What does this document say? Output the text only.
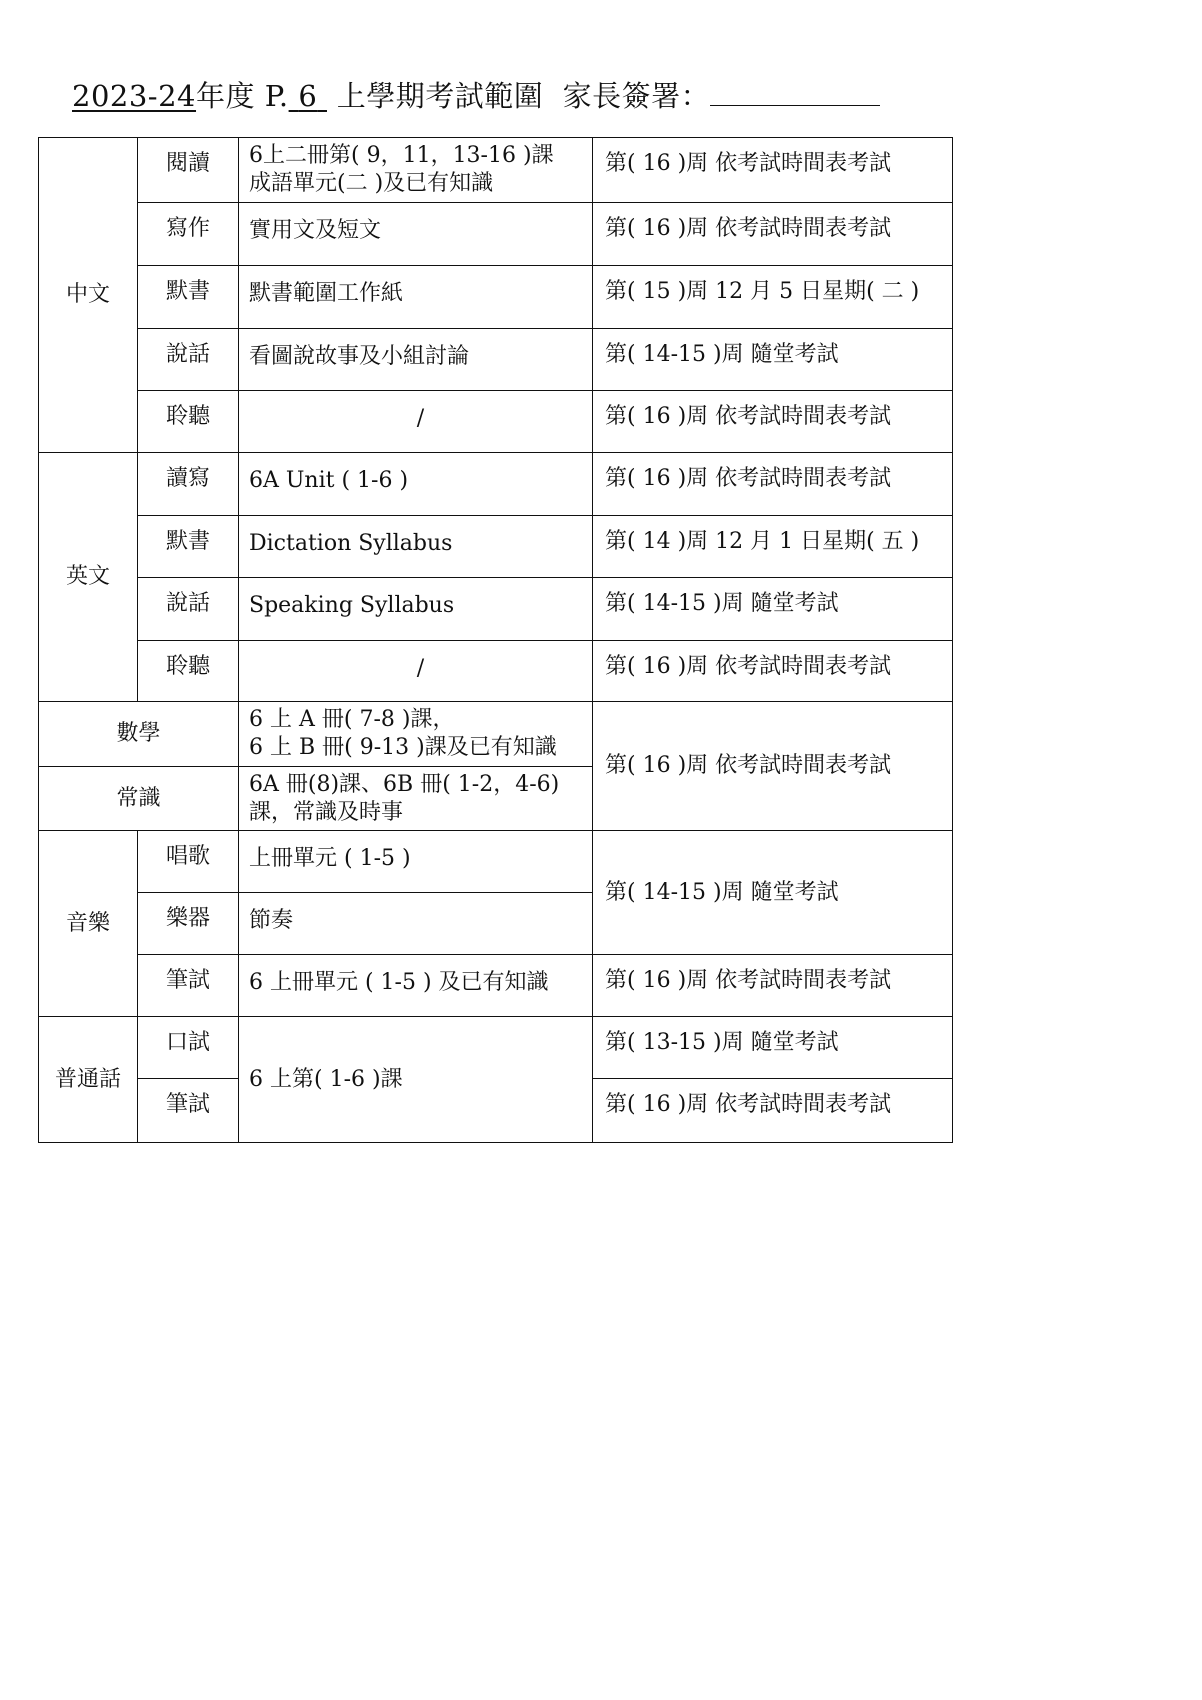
2023-24年度 P. 6 上學期考試範圍 家長簽署：
中文	閱讀	6上二冊第( 9，11，13-16 )課
成語單元(二 )及已有知識	第( 16 )周 依考試時間表考試
	寫作	實用文及短文	第( 16 )周 依考試時間表考試
	默書	默書範圍工作紙	第( 15 )周 12 月 5 日星期( 二 )
	說話	看圖說故事及小組討論	第( 14-15 )周 隨堂考試
	聆聽	/	第( 16 )周 依考試時間表考試
英文	讀寫	6A Unit ( 1-6 )	第( 16 )周 依考試時間表考試
	默書	Dictation Syllabus	第( 14 )周 12 月 1 日星期( 五 )
	說話	Speaking Syllabus	第( 14-15 )周 隨堂考試
	聆聽	/	第( 16 )周 依考試時間表考試
數學		6 上 A 冊( 7-8 )課，
6 上 B 冊( 9-13 )課及已有知識	第( 16 )周 依考試時間表考試
常識		6A 冊(8)課、6B 冊( 1-2，4-6)
課，常識及時事	

音樂	唱歌	上冊單元 ( 1-5 )	第( 14-15 )周 隨堂考試
	樂器	節奏	
	筆試	6 上冊單元 ( 1-5 ) 及已有知識	第( 16 )周 依考試時間表考試
普通話	口試	6 上第( 1-6 )課	第( 13-15 )周 隨堂考試
	筆試		第( 16 )周 依考試時間表考試
